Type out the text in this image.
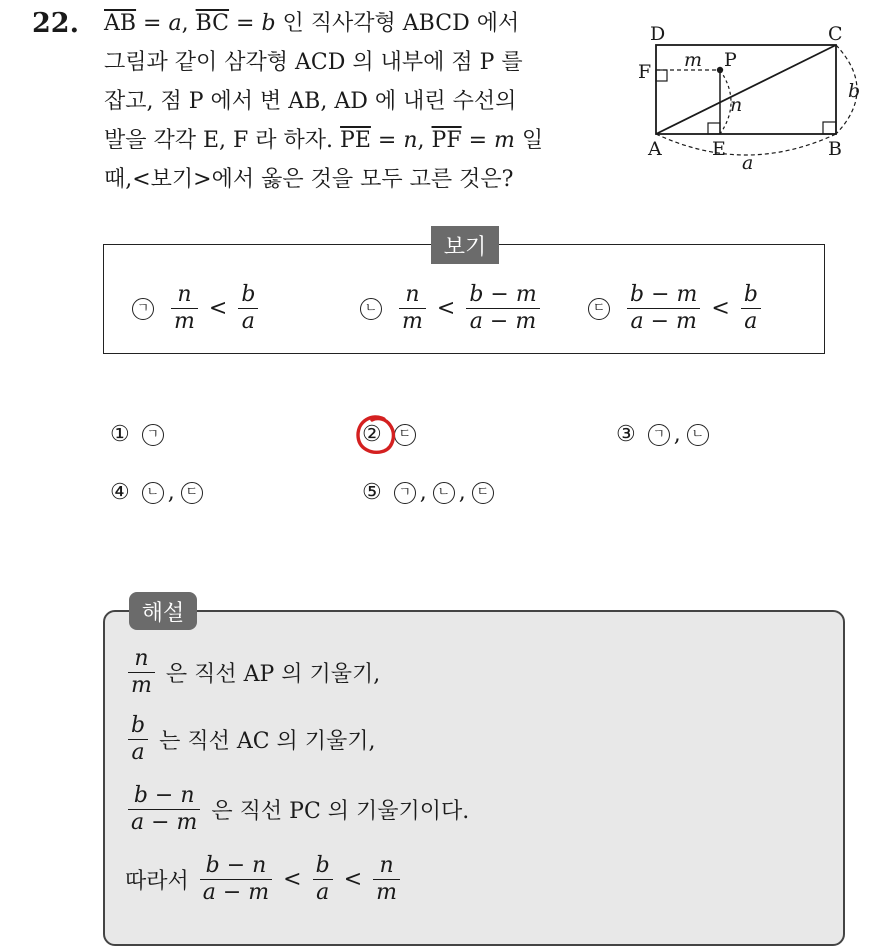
22. $\overline{AB} = a$, $\overline{BC} = b$ 인 직사각형 ABCD 에서
그림과 같이 삼각형 ACD 의 내부에 점 P 를
잡고, 점 P 에서 변 AB, AD 에 내린 수선의
발을 각각 E, F 라 하자. $\overline{PE} = n$, $\overline{PF} = m$ 일
때,<보기>에서 옳은 것을 모두 고른 것은?
D	C
F
P
m
n
b
A	E	B
a
보기
ㄱ $\frac{n}{m} < \frac{b}{a}$	ㄴ $\frac{n}{m} < \frac{b - m}{a - m}$	ㄷ $\frac{b - m}{a - m} < \frac{b}{a}$
①	ㄱ	②	ㄷ	③	ㄱ , ㄴ
④	ㄴ , ㄷ	⑤	ㄱ , ㄴ , ㄷ
해설
$\frac{n}{m}$ 은 직선 AP 의 기울기,
$\frac{b}{a}$ 는 직선 AC 의 기울기,
$\frac{b - n}{a - m}$ 은 직선 PC 의 기울기이다.
따라서 $\frac{b - n}{a - m} < \frac{b}{a} < \frac{n}{m}$
